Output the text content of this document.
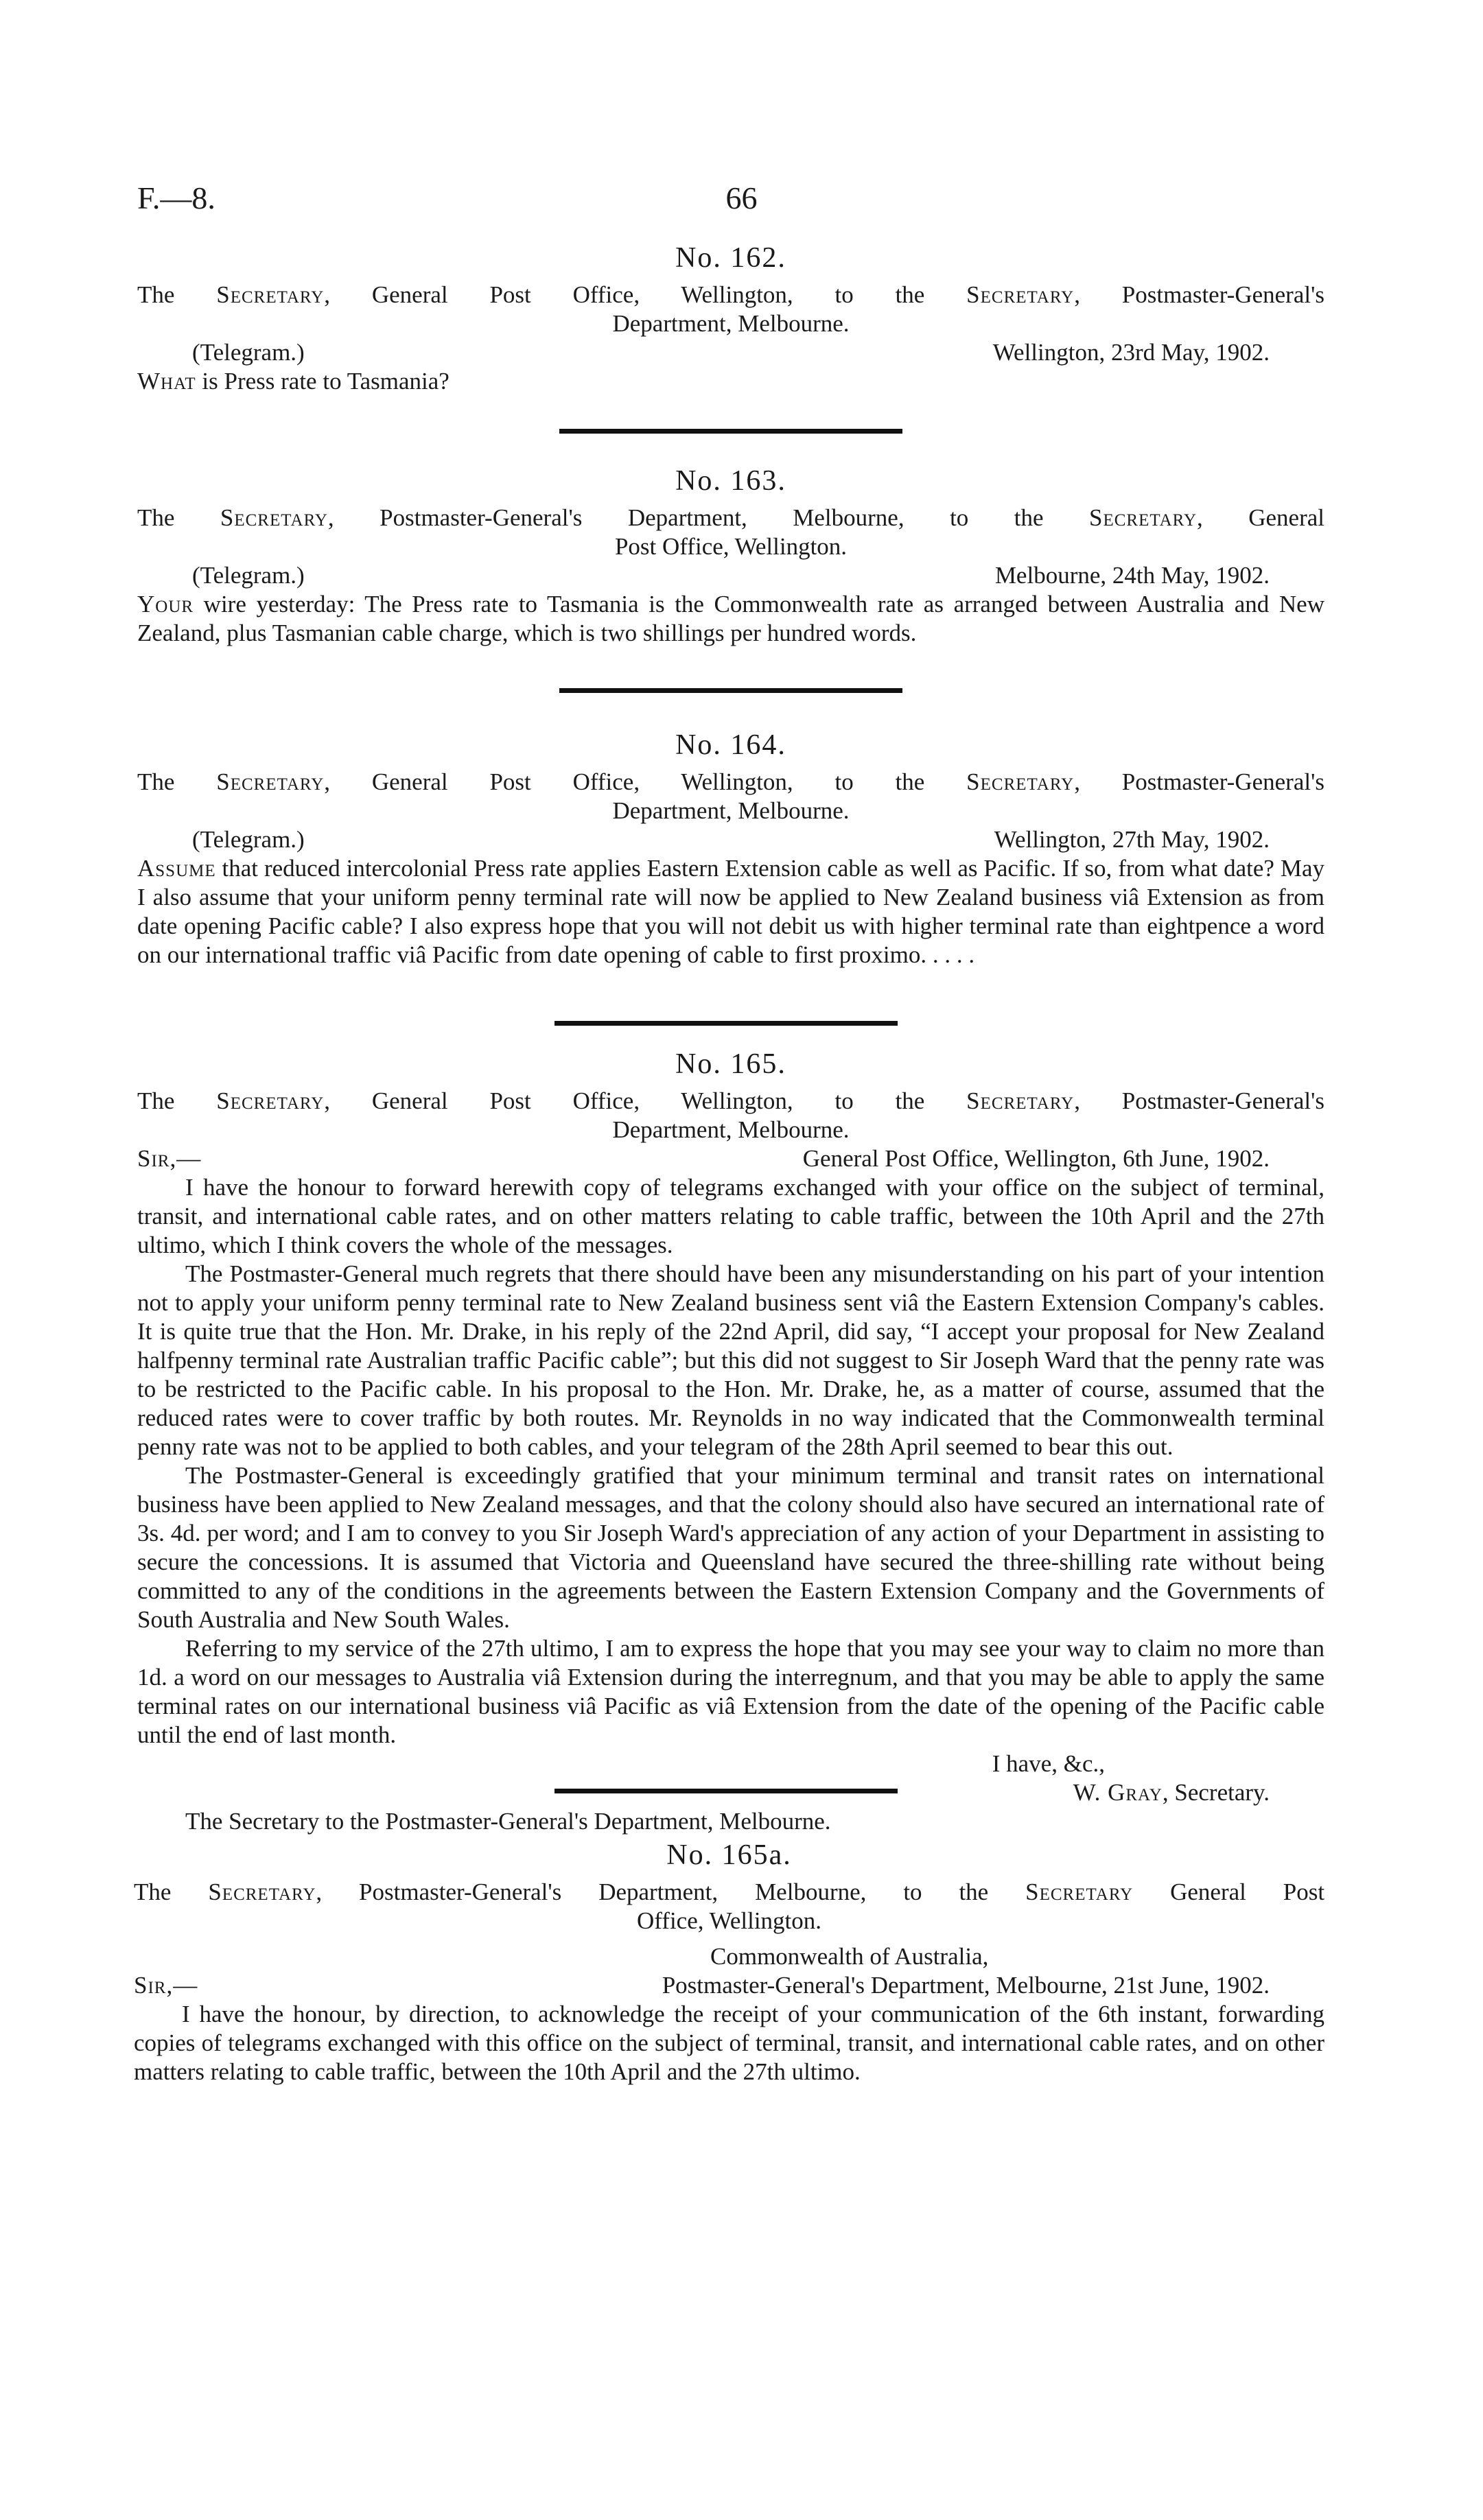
F.—8.	66
No. 162.
The Secretary, General Post Office, Wellington, to the Secretary, Postmaster-General's
Department, Melbourne.
(Telegram.)	Wellington, 23rd May, 1902.
What is Press rate to Tasmania?
No. 163.
The Secretary, Postmaster-General's Department, Melbourne, to the Secretary, General
Post Office, Wellington.
(Telegram.)	Melbourne, 24th May, 1902.
Your wire yesterday: The Press rate to Tasmania is the Commonwealth rate as arranged between Australia and New Zealand, plus Tasmanian cable charge, which is two shillings per hundred words.
No. 164.
The Secretary, General Post Office, Wellington, to the Secretary, Postmaster-General's
Department, Melbourne.
(Telegram.)	Wellington, 27th May, 1902.
Assume that reduced intercolonial Press rate applies Eastern Extension cable as well as Pacific. If so, from what date? May I also assume that your uniform penny terminal rate will now be applied to New Zealand business viâ Extension as from date opening Pacific cable? I also express hope that you will not debit us with higher terminal rate than eightpence a word on our international traffic viâ Pacific from date opening of cable to first proximo. . . . .
No. 165.
The Secretary, General Post Office, Wellington, to the Secretary, Postmaster-General's
Department, Melbourne.
Sir,—	General Post Office, Wellington, 6th June, 1902.
I have the honour to forward herewith copy of telegrams exchanged with your office on the subject of terminal, transit, and international cable rates, and on other matters relating to cable traffic, between the 10th April and the 27th ultimo, which I think covers the whole of the messages.
The Postmaster-General much regrets that there should have been any misunderstanding on his part of your intention not to apply your uniform penny terminal rate to New Zealand business sent viâ the Eastern Extension Company's cables. It is quite true that the Hon. Mr. Drake, in his reply of the 22nd April, did say, “I accept your proposal for New Zealand halfpenny terminal rate Australian traffic Pacific cable”; but this did not suggest to Sir Joseph Ward that the penny rate was to be restricted to the Pacific cable. In his proposal to the Hon. Mr. Drake, he, as a matter of course, assumed that the reduced rates were to cover traffic by both routes. Mr. Reynolds in no way indicated that the Commonwealth terminal penny rate was not to be applied to both cables, and your telegram of the 28th April seemed to bear this out.
The Postmaster-General is exceedingly gratified that your minimum terminal and transit rates on international business have been applied to New Zealand messages, and that the colony should also have secured an international rate of 3s. 4d. per word; and I am to convey to you Sir Joseph Ward's appreciation of any action of your Department in assisting to secure the concessions. It is assumed that Victoria and Queensland have secured the three-shilling rate without being committed to any of the conditions in the agreements between the Eastern Extension Company and the Governments of South Australia and New South Wales.
Referring to my service of the 27th ultimo, I am to express the hope that you may see your way to claim no more than 1d. a word on our messages to Australia viâ Extension during the interregnum, and that you may be able to apply the same terminal rates on our international business viâ Pacific as viâ Extension from the date of the opening of the Pacific cable until the end of last month.
I have, &c.,
W. Gray, Secretary.
The Secretary to the Postmaster-General's Department, Melbourne.
No. 165a.
The Secretary, Postmaster-General's Department, Melbourne, to the Secretary General Post
Office, Wellington.
Commonwealth of Australia,
Sir,—	Postmaster-General's Department, Melbourne, 21st June, 1902.
I have the honour, by direction, to acknowledge the receipt of your communication of the 6th instant, forwarding copies of telegrams exchanged with this office on the subject of terminal, transit, and international cable rates, and on other matters relating to cable traffic, between the 10th April and the 27th ultimo.
